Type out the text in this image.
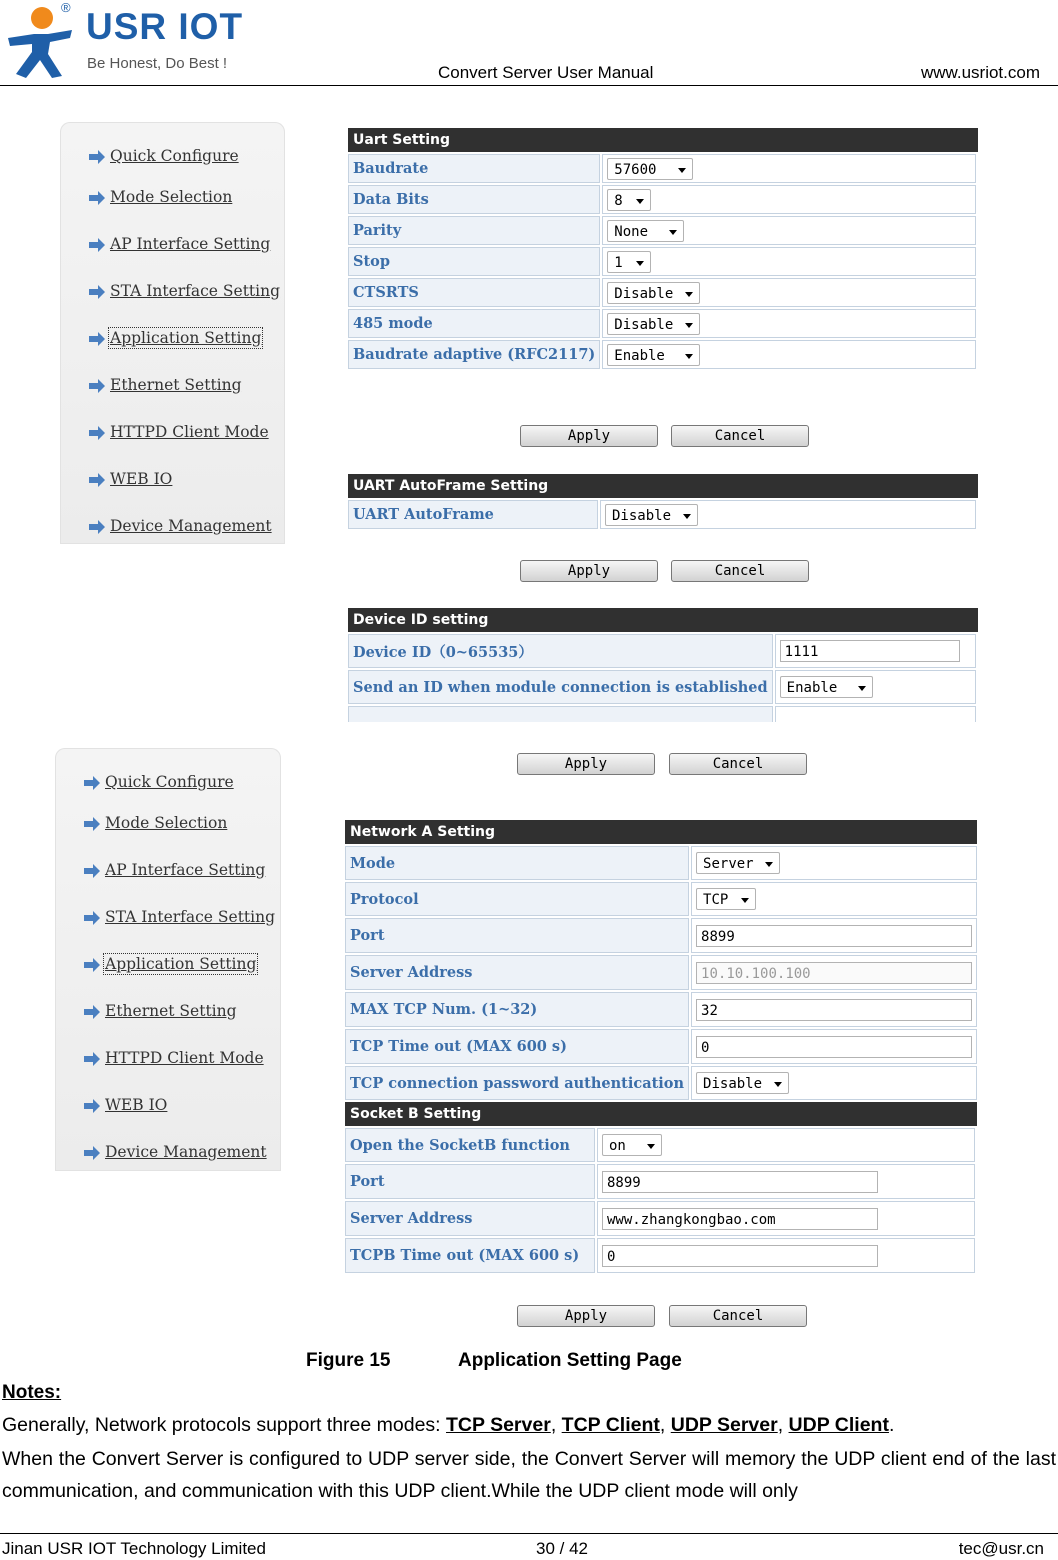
® USR IOT
Be Honest, Do Best !	Convert Server User Manual	www.usriot.com
Quick Configure
Mode Selection
AP Interface Setting
STA Interface Setting
Application Setting
Ethernet Setting
HTTPD Client Mode
WEB IO
Device Management
Uart Setting
Baudrate	57600

Data Bits	8

Parity	None

Stop	1

CTSRTS	Disable

485 mode	Disable

Baudrate adaptive (RFC2117)	Enable
Apply	Cancel
UART AutoFrame Setting
UART AutoFrame	Disable
Apply	Cancel
Device ID setting
Device ID（0~65535）	1111
Send an ID when module connection is established	Enable

Quick Configure
Mode Selection
AP Interface Setting
STA Interface Setting
Application Setting
Ethernet Setting
HTTPD Client Mode
WEB IO
Device Management
Apply	Cancel
Network A Setting
Mode	Server

Protocol	TCP

Port	8899
Server Address	10.10.100.100
MAX TCP Num. (1~32)	32
TCP Time out (MAX 600 s)	0
TCP connection password authentication	Disable
Socket B Setting
Open the SocketB function	on

Port	8899
Server Address	www.zhangkongbao.com
TCPB Time out (MAX 600 s)	0
Apply	Cancel
Figure 15	Application Setting Page
Notes:
Generally, Network protocols support three modes: TCP Server, TCP Client, UDP Server, UDP Client.
When the Convert Server is configured to UDP server side, the Convert Server will memory the UDP client end of the last communication, and communication with this UDP client.While the UDP client mode will only
Jinan USR IOT Technology Limited	30 / 42	tec@usr.cn
